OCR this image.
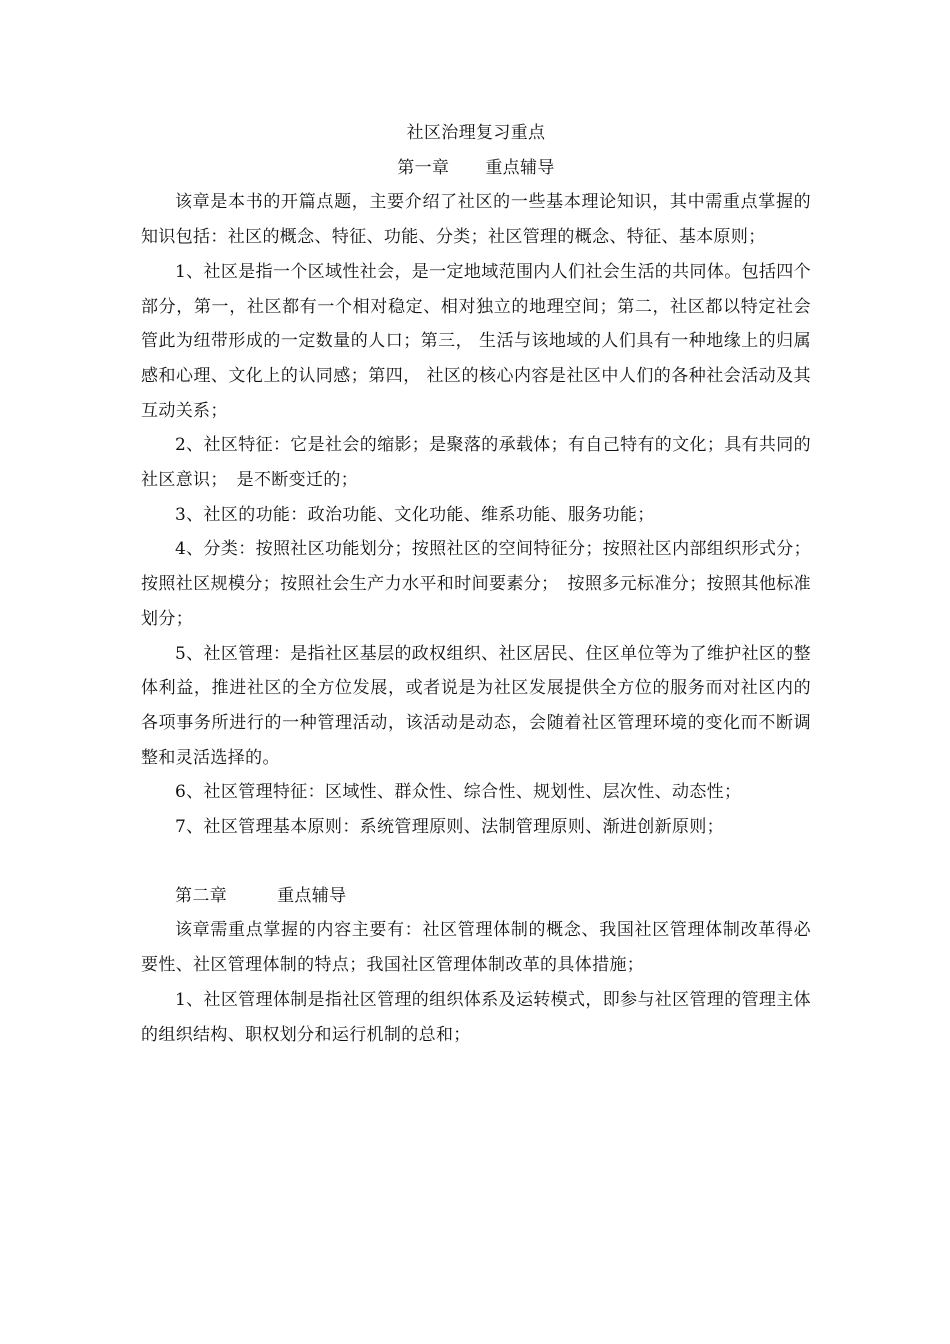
社区治理复习重点

第一章 重点辅导

该章是本书的开篇点题，主要介绍了社区的一些基本理论知识，其中需重点掌握的知识包括：社区的概念、特征、功能、分类；社区管理的概念、特征、基本原则；

1、社区是指一个区域性社会，是一定地域范围内人们社会生活的共同体。包括四个部分，第一，社区都有一个相对稳定、相对独立的地理空间；第二，社区都以特定社会管此为纽带形成的一定数量的人口；第三， 生活与该地域的人们具有一种地缘上的归属感和心理、文化上的认同感；第四， 社区的核心内容是社区中人们的各种社会活动及其互动关系；

2、社区特征：它是社会的缩影；是聚落的承载体；有自己特有的文化；具有共同的社区意识；　是不断变迁的；

3、社区的功能：政治功能、文化功能、维系功能、服务功能；

4、分类：按照社区功能划分；按照社区的空间特征分；按照社区内部组织形式分；按照社区规模分；按照社会生产力水平和时间要素分；　按照多元标准分；按照其他标准划分；

5、社区管理：是指社区基层的政权组织、社区居民、住区单位等为了维护社区的整体利益，推进社区的全方位发展，或者说是为社区发展提供全方位的服务而对社区内的各项事务所进行的一种管理活动，该活动是动态，会随着社区管理环境的变化而不断调整和灵活选择的。

6、社区管理特征：区域性、群众性、综合性、规划性、层次性、动态性；

7、社区管理基本原则：系统管理原则、法制管理原则、渐进创新原则；

第二章	重点辅导

该章需重点掌握的内容主要有：社区管理体制的概念、我国社区管理体制改革得必要性、社区管理体制的特点；我国社区管理体制改革的具体措施；

1、社区管理体制是指社区管理的组织体系及运转模式，即参与社区管理的管理主体的组织结构、职权划分和运行机制的总和；
